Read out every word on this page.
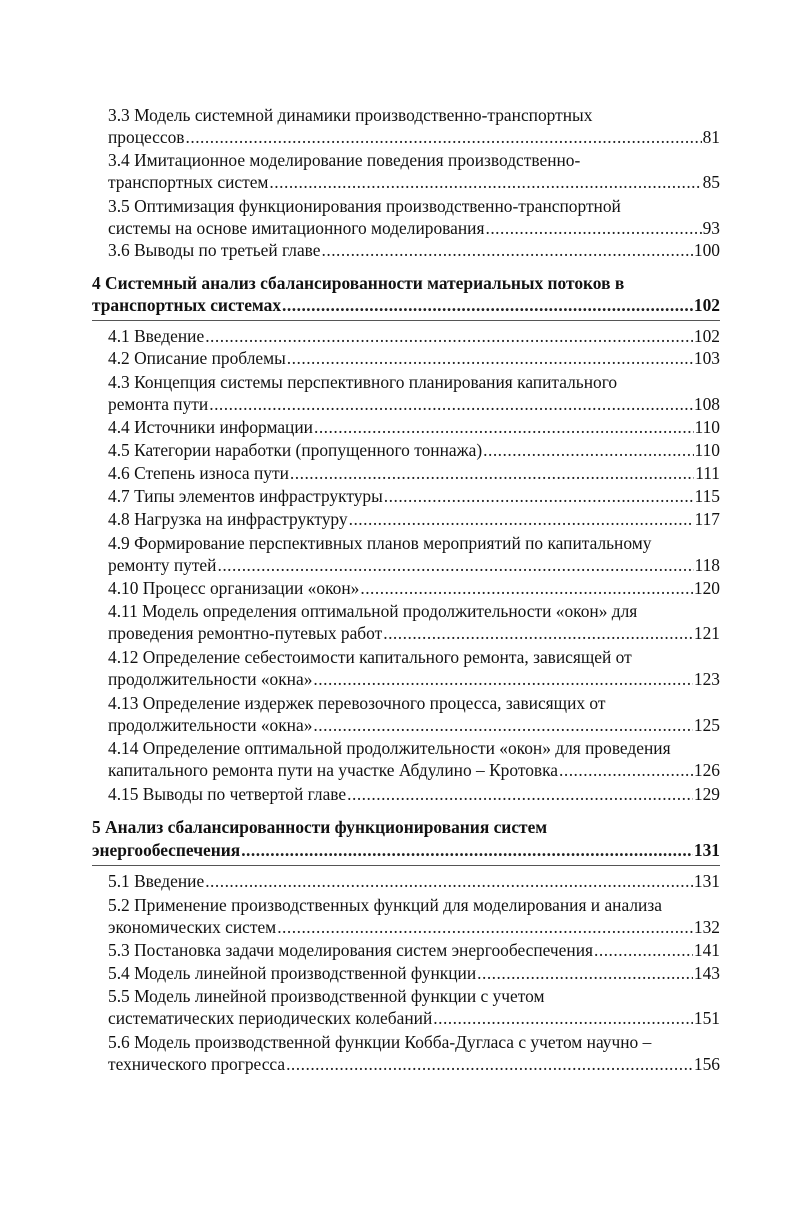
3.3 Модель системной динамики производственно-транспортных
процессов .....	81
3.4 Имитационное моделирование поведения производственно-
транспортных систем .....	85
3.5 Оптимизация функционирования производственно-транспортной
системы на основе имитационного моделирования .....	93
3.6 Выводы по третьей главе .....	100
4 Системный анализ сбалансированности материальных потоков в
транспортных системах .....	102
4.1 Введение .....	102
4.2 Описание проблемы .....	103
4.3 Концепция системы перспективного планирования капитального
ремонта пути .....	108
4.4 Источники информации .....	110
4.5 Категории наработки (пропущенного тоннажа) .....	110
4.6 Степень износа пути .....	111
4.7 Типы элементов инфраструктуры .....	115
4.8 Нагрузка на инфраструктуру .....	117
4.9 Формирование перспективных планов мероприятий по капитальному
ремонту путей .....	118
4.10 Процесс организации «окон» .....	120
4.11 Модель определения оптимальной продолжительности «окон» для
проведения ремонтно-путевых работ .....	121
4.12 Определение себестоимости капитального ремонта, зависящей от
продолжительности «окна» .....	123
4.13 Определение издержек перевозочного процесса, зависящих от
продолжительности «окна» .....	125
4.14 Определение оптимальной продолжительности «окон» для проведения
капитального ремонта пути на участке Абдулино – Кротовка .....	126
4.15 Выводы по четвертой главе .....	129
5 Анализ сбалансированности функционирования систем
энергообеспечения .....	131
5.1 Введение .....	131
5.2 Применение производственных функций для моделирования и анализа
экономических систем .....	132
5.3 Постановка задачи моделирования систем энергообеспечения .....	141
5.4 Модель линейной производственной функции .....	143
5.5 Модель линейной производственной функции с учетом
систематических периодических колебаний .....	151
5.6 Модель производственной функции Кобба-Дугласа с учетом научно –
технического прогресса .....	156
